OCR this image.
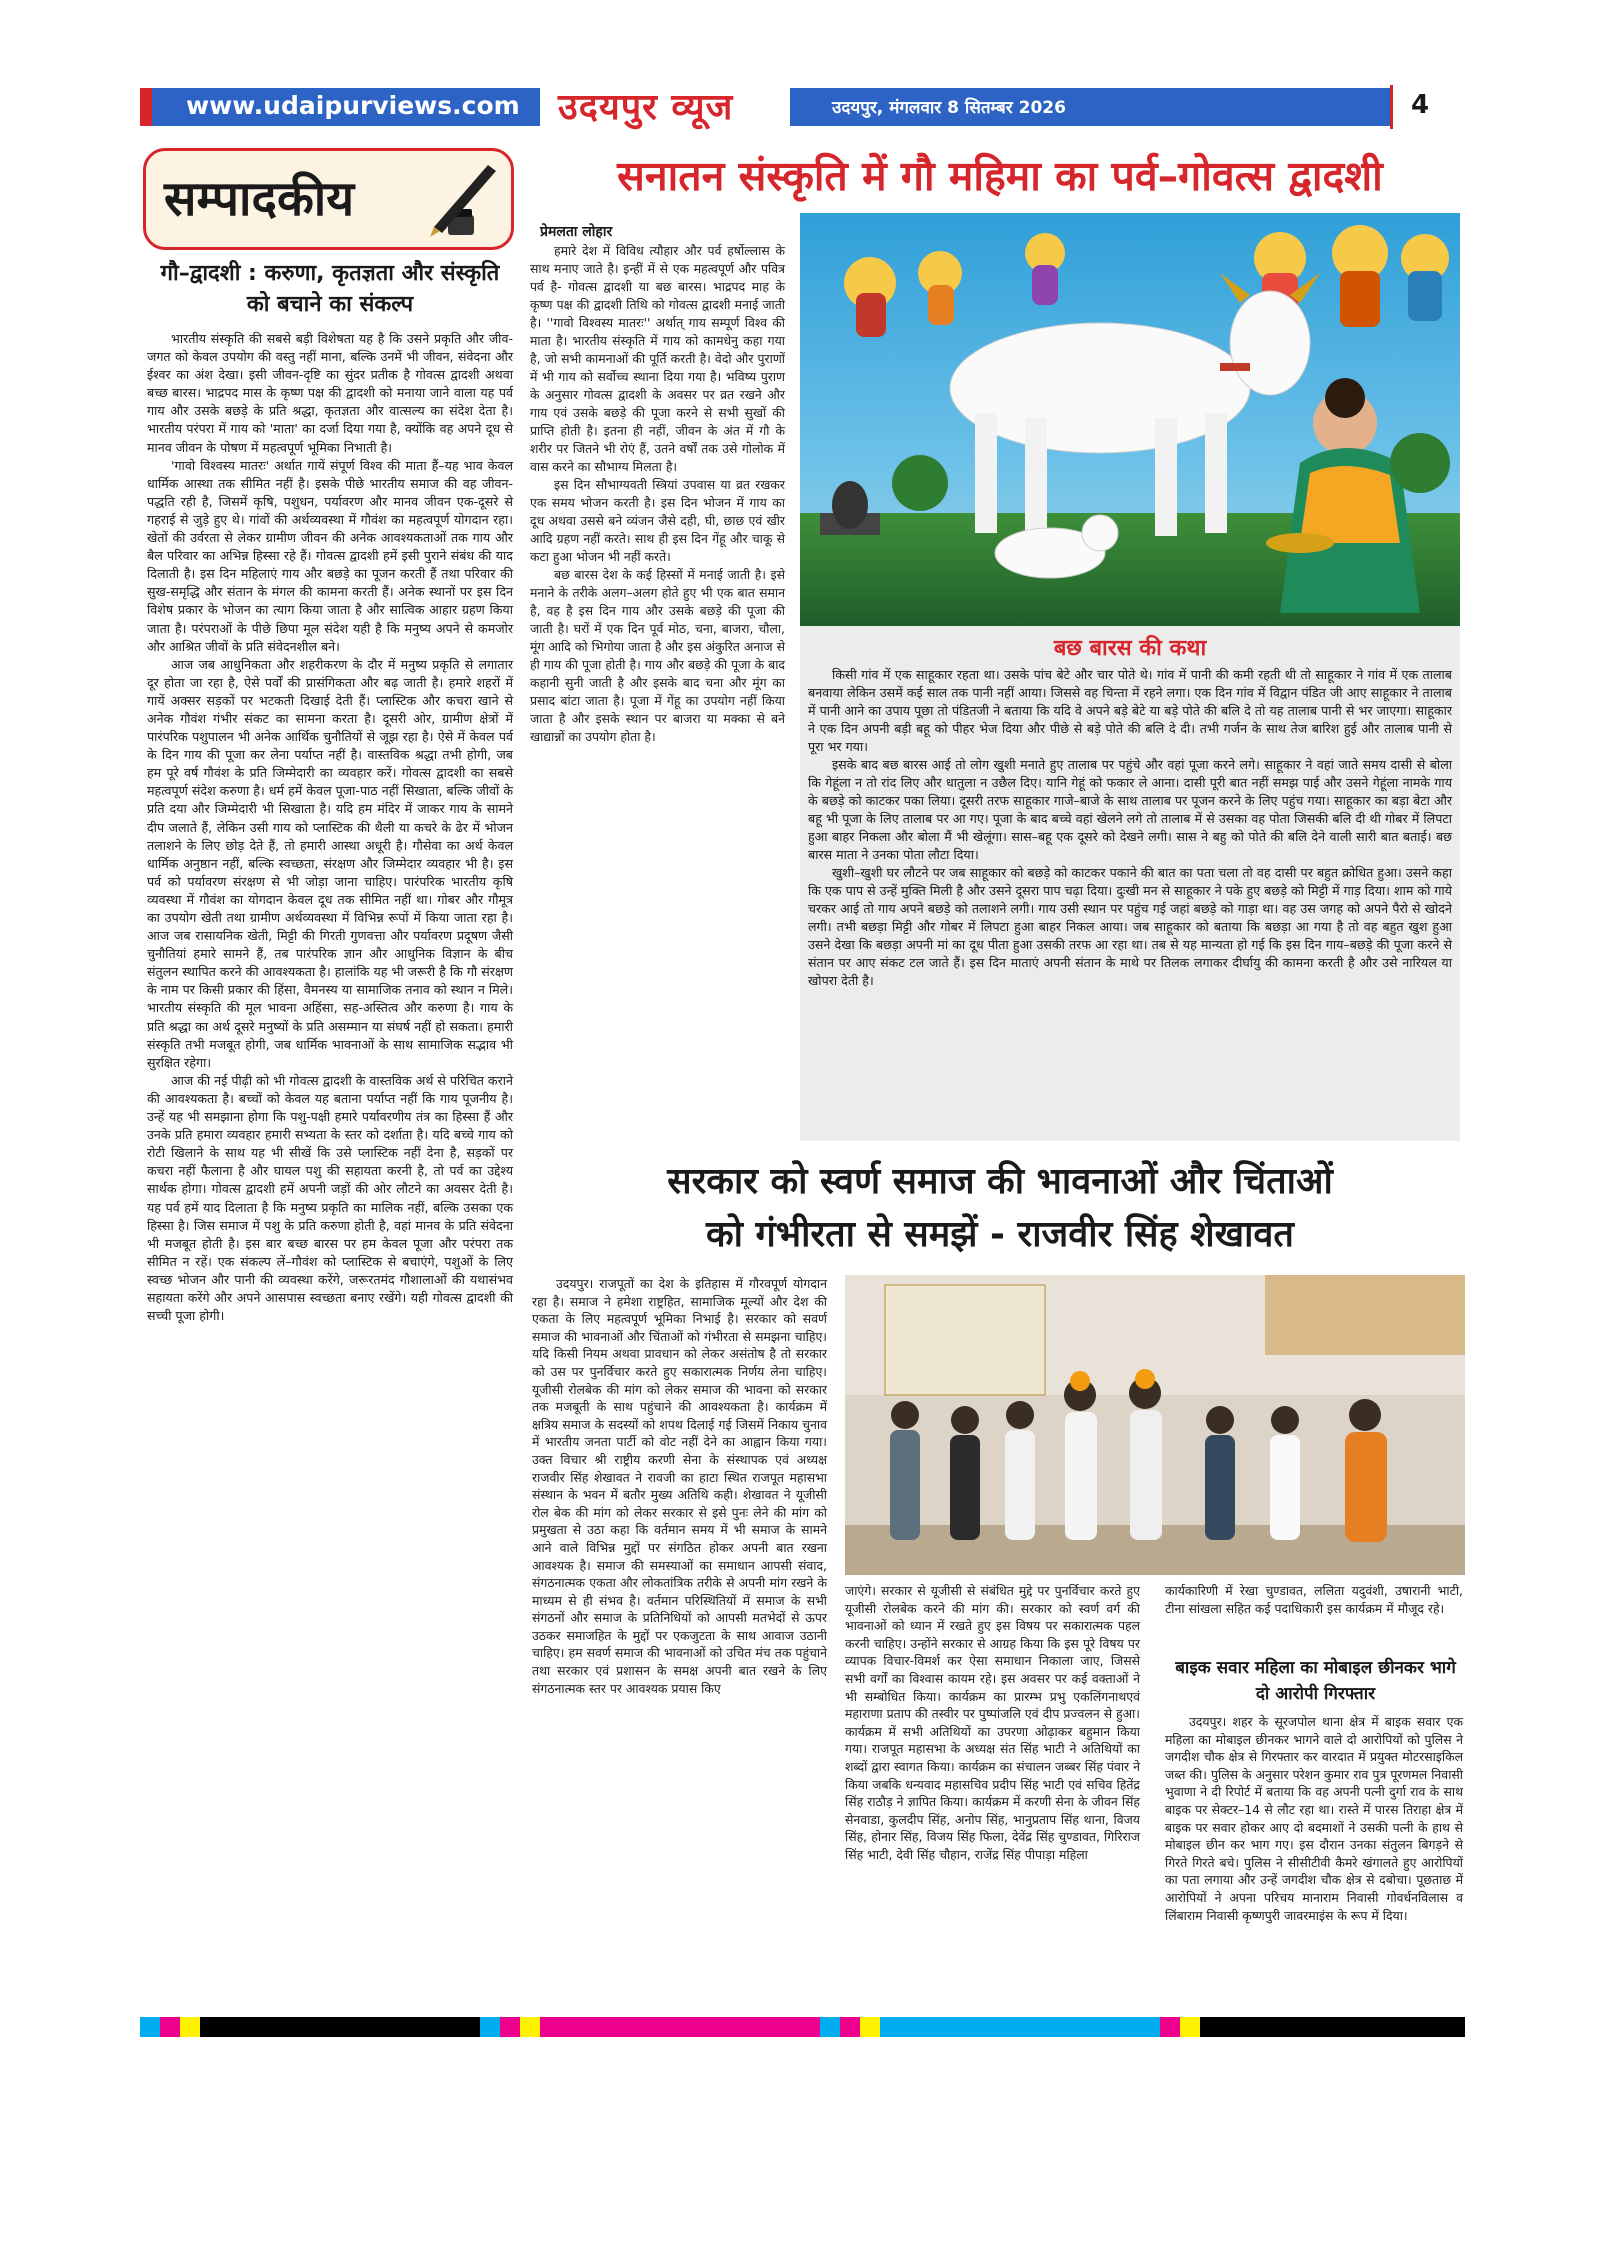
www.udaipurviews.com उदयपुर व्यूज	उदयपुर, मंगलवार 8 सितम्बर 2026	4
सम्पादकीय
गौ–द्वादशी : करुणा, कृतज्ञता और संस्कृति को बचाने का संकल्प

भारतीय संस्कृति की सबसे बड़ी विशेषता यह है कि उसने प्रकृति और जीव-जगत को केवल उपयोग की वस्तु नहीं माना, बल्कि उनमें भी जीवन, संवेदना और ईश्वर का अंश देखा। इसी जीवन-दृष्टि का सुंदर प्रतीक है गोवत्स द्वादशी अथवा बच्छ बारस। भाद्रपद मास के कृष्ण पक्ष की द्वादशी को मनाया जाने वाला यह पर्व गाय और उसके बछड़े के प्रति श्रद्धा, कृतज्ञता और वात्सल्य का संदेश देता है। भारतीय परंपरा में गाय को 'माता' का दर्जा दिया गया है, क्योंकि वह अपने दूध से मानव जीवन के पोषण में महत्वपूर्ण भूमिका निभाती है।

'गावो विश्वस्य मातरः' अर्थात गायें संपूर्ण विश्व की माता हैं–यह भाव केवल धार्मिक आस्था तक सीमित नहीं है। इसके पीछे भारतीय समाज की वह जीवन-पद्धति रही है, जिसमें कृषि, पशुधन, पर्यावरण और मानव जीवन एक-दूसरे से गहराई से जुड़े हुए थे। गांवों की अर्थव्यवस्था में गौवंश का महत्वपूर्ण योगदान रहा। खेतों की उर्वरता से लेकर ग्रामीण जीवन की अनेक आवश्यकताओं तक गाय और बैल परिवार का अभिन्न हिस्सा रहे हैं। गोवत्स द्वादशी हमें इसी पुराने संबंध की याद दिलाती है। इस दिन महिलाएं गाय और बछड़े का पूजन करती हैं तथा परिवार की सुख-समृद्धि और संतान के मंगल की कामना करती हैं। अनेक स्थानों पर इस दिन विशेष प्रकार के भोजन का त्याग किया जाता है और सात्विक आहार ग्रहण किया जाता है। परंपराओं के पीछे छिपा मूल संदेश यही है कि मनुष्य अपने से कमजोर और आश्रित जीवों के प्रति संवेदनशील बने।

आज जब आधुनिकता और शहरीकरण के दौर में मनुष्य प्रकृति से लगातार दूर होता जा रहा है, ऐसे पर्वों की प्रासंगिकता और बढ़ जाती है। हमारे शहरों में गायें अक्सर सड़कों पर भटकती दिखाई देती हैं। प्लास्टिक और कचरा खाने से अनेक गौवंश गंभीर संकट का सामना करता है। दूसरी ओर, ग्रामीण क्षेत्रों में पारंपरिक पशुपालन भी अनेक आर्थिक चुनौतियों से जूझ रहा है। ऐसे में केवल पर्व के दिन गाय की पूजा कर लेना पर्याप्त नहीं है। वास्तविक श्रद्धा तभी होगी, जब हम पूरे वर्ष गौवंश के प्रति जिम्मेदारी का व्यवहार करें। गोवत्स द्वादशी का सबसे महत्वपूर्ण संदेश करुणा है। धर्म हमें केवल पूजा-पाठ नहीं सिखाता, बल्कि जीवों के प्रति दया और जिम्मेदारी भी सिखाता है। यदि हम मंदिर में जाकर गाय के सामने दीप जलाते हैं, लेकिन उसी गाय को प्लास्टिक की थैली या कचरे के ढेर में भोजन तलाशने के लिए छोड़ देते हैं, तो हमारी आस्था अधूरी है। गौसेवा का अर्थ केवल धार्मिक अनुष्ठान नहीं, बल्कि स्वच्छता, संरक्षण और जिम्मेदार व्यवहार भी है। इस पर्व को पर्यावरण संरक्षण से भी जोड़ा जाना चाहिए। पारंपरिक भारतीय कृषि व्यवस्था में गौवंश का योगदान केवल दूध तक सीमित नहीं था। गोबर और गौमूत्र का उपयोग खेती तथा ग्रामीण अर्थव्यवस्था में विभिन्न रूपों में किया जाता रहा है। आज जब रासायनिक खेती, मिट्टी की गिरती गुणवत्ता और पर्यावरण प्रदूषण जैसी चुनौतियां हमारे सामने हैं, तब पारंपरिक ज्ञान और आधुनिक विज्ञान के बीच संतुलन स्थापित करने की आवश्यकता है। हालांकि यह भी जरूरी है कि गौ संरक्षण के नाम पर किसी प्रकार की हिंसा, वैमनस्य या सामाजिक तनाव को स्थान न मिले। भारतीय संस्कृति की मूल भावना अहिंसा, सह-अस्तित्व और करुणा है। गाय के प्रति श्रद्धा का अर्थ दूसरे मनुष्यों के प्रति असम्मान या संघर्ष नहीं हो सकता। हमारी संस्कृति तभी मजबूत होगी, जब धार्मिक भावनाओं के साथ सामाजिक सद्भाव भी सुरक्षित रहेगा।

आज की नई पीढ़ी को भी गोवत्स द्वादशी के वास्तविक अर्थ से परिचित कराने की आवश्यकता है। बच्चों को केवल यह बताना पर्याप्त नहीं कि गाय पूजनीय है। उन्हें यह भी समझाना होगा कि पशु-पक्षी हमारे पर्यावरणीय तंत्र का हिस्सा हैं और उनके प्रति हमारा व्यवहार हमारी सभ्यता के स्तर को दर्शाता है। यदि बच्चे गाय को रोटी खिलाने के साथ यह भी सीखें कि उसे प्लास्टिक नहीं देना है, सड़कों पर कचरा नहीं फैलाना है और घायल पशु की सहायता करनी है, तो पर्व का उद्देश्य सार्थक होगा। गोवत्स द्वादशी हमें अपनी जड़ों की ओर लौटने का अवसर देती है। यह पर्व हमें याद दिलाता है कि मनुष्य प्रकृति का मालिक नहीं, बल्कि उसका एक हिस्सा है। जिस समाज में पशु के प्रति करुणा होती है, वहां मानव के प्रति संवेदना भी मजबूत होती है। इस बार बच्छ बारस पर हम केवल पूजा और परंपरा तक सीमित न रहें। एक संकल्प लें–गौवंश को प्लास्टिक से बचाएंगे, पशुओं के लिए स्वच्छ भोजन और पानी की व्यवस्था करेंगे, जरूरतमंद गौशालाओं की यथासंभव सहायता करेंगे और अपने आसपास स्वच्छता बनाए रखेंगे। यही गोवत्स द्वादशी की सच्ची पूजा होगी।

सनातन संस्कृति में गौ महिमा का पर्व–गोवत्स द्वादशी
प्रेमलता लोहार

हमारे देश में विविध त्यौहार और पर्व हर्षोल्लास के साथ मनाए जाते है। इन्हीं में से एक महत्वपूर्ण और पवित्र पर्व है- गोवत्स द्वादशी या बछ बारस। भाद्रपद माह के कृष्ण पक्ष की द्वादशी तिथि को गोवत्स द्वादशी मनाई जाती है। ''गावो विश्वस्य मातरः'' अर्थात् गाय सम्पूर्ण विश्व की माता है। भारतीय संस्कृति में गाय को कामधेनु कहा गया है, जो सभी कामनाओं की पूर्ति करती है। वेदो और पुराणों में भी गाय को सर्वोच्च स्थाना दिया गया है। भविष्य पुराण के अनुसार गोवत्स द्वादशी के अवसर पर व्रत रखने और गाय एवं उसके बछड़े की पूजा करने से सभी सुखों की प्राप्ति होती है। इतना ही नहीं, जीवन के अंत में गौ के शरीर पर जितने भी रोएं हैं, उतने वर्षों तक उसे गोलोक में वास करने का सौभाग्य मिलता है।

इस दिन सौभाग्यवती स्त्रियां उपवास या व्रत रखकर एक समय भोजन करती है। इस दिन भोजन में गाय का दूध अथवा उससे बने व्यंजन जैसे दही, घी, छाछ एवं खीर आदि ग्रहण नहीं करते। साथ ही इस दिन गेंहू और चाकू से कटा हुआ भोजन भी नहीं करते।

बछ बारस देश के कई हिस्सों में मनाई जाती है। इसे मनाने के तरीके अलग–अलग होते हुए भी एक बात समान है, वह है इस दिन गाय और उसके बछड़े की पूजा की जाती है। घरों में एक दिन पूर्व मोठ, चना, बाजरा, चौला, मूंग आदि को भिगोया जाता है और इस अंकुरित अनाज से ही गाय की पूजा होती है। गाय और बछड़े की पूजा के बाद कहानी सुनी जाती है और इसके बाद चना और मूंग का प्रसाद बांटा जाता है। पूजा में गेंहू का उपयोग नहीं किया जाता है और इसके स्थान पर बाजरा या मक्का से बने खाद्यान्नों का उपयोग होता है।

बछ बारस की कथा

किसी गांव में एक साहूकार रहता था। उसके पांच बेटे और चार पोते थे। गांव में पानी की कमी रहती थी तो साहूकार ने गांव में एक तालाब बनवाया लेकिन उसमें कई साल तक पानी नहीं आया। जिससे वह चिन्ता में रहने लगा। एक दिन गांव में विद्वान पंडित जी आए साहूकार ने तालाब में पानी आने का उपाय पूछा तो पंडितजी ने बताया कि यदि वे अपने बड़े बेटे या बड़े पोते की बलि दे तो यह तालाब पानी से भर जाएगा। साहूकार ने एक दिन अपनी बड़ी बहू को पीहर भेज दिया और पीछे से बड़े पोते की बलि दे दी। तभी गर्जन के साथ तेज बारिश हुई और तालाब पानी से पूरा भर गया।

इसके बाद बछ बारस आई तो लोग खुशी मनाते हुए तालाब पर पहुंचे और वहां पूजा करने लगे। साहूकार ने वहां जाते समय दासी से बोला कि गेहूंला न तो रांद लिए और धातुला न उछैल दिए। यानि गेहूं को फकार ले आना। दासी पूरी बात नहीं समझ पाई और उसने गेहूंला नामके गाय के बछड़े को काटकर पका लिया। दूसरी तरफ साहूकार गाजे–बाजे के साथ तालाब पर पूजन करने के लिए पहुंच गया। साहूकार का बड़ा बेटा और बहू भी पूजा के लिए तालाब पर आ गए। पूजा के बाद बच्चे वहां खेलने लगे तो तालाब में से उसका वह पोता जिसकी बलि दी थी गोबर में लिपटा हुआ बाहर निकला और बोला मैं भी खेलूंगा। सास–बहू एक दूसरे को देखने लगी। सास ने बहु को पोते की बलि देने वाली सारी बात बताई। बछ बारस माता ने उनका पोता लौटा दिया।

खुशी–खुशी घर लौटने पर जब साहूकार को बछड़े को काटकर पकाने की बात का पता चला तो वह दासी पर बहुत क्रोधित हुआ। उसने कहा कि एक पाप से उन्हें मुक्ति मिली है और उसने दूसरा पाप चढ़ा दिया। दुःखी मन से साहूकार ने पके हुए बछड़े को मिट्टी में गाड़ दिया। शाम को गाये चरकर आई तो गाय अपने बछड़े को तलाशने लगी। गाय उसी स्थान पर पहुंच गई जहां बछड़े को गाड़ा था। वह उस जगह को अपने पैरो से खोदने लगी। तभी बछड़ा मिट्टी और गोबर में लिपटा हुआ बाहर निकल आया। जब साहूकार को बताया कि बछड़ा आ गया है तो वह बहुत खुश हुआ उसने देखा कि बछड़ा अपनी मां का दूध पीता हुआ उसकी तरफ आ रहा था। तब से यह मान्यता हो गई कि इस दिन गाय–बछड़े की पूजा करने से संतान पर आए संकट टल जाते हैं। इस दिन माताएं अपनी संतान के माथे पर तिलक लगाकर दीर्घायु की कामना करती है और उसे नारियल या खोपरा देती है।

सरकार को स्वर्ण समाज की भावनाओं और चिंताओं
को गंभीरता से समझें - राजवीर सिंह शेखावत

उदयपुर। राजपूतों का देश के इतिहास में गौरवपूर्ण योगदान रहा है। समाज ने हमेशा राष्ट्रहित, सामाजिक मूल्यों और देश की एकता के लिए महत्वपूर्ण भूमिका निभाई है। सरकार को सवर्ण समाज की भावनाओं और चिंताओं को गंभीरता से समझना चाहिए। यदि किसी नियम अथवा प्रावधान को लेकर असंतोष है तो सरकार को उस पर पुनर्विचार करते हुए सकारात्मक निर्णय लेना चाहिए। यूजीसी रोलबेक की मांग को लेकर समाज की भावना को सरकार तक मजबूती के साथ पहुंचाने की आवश्यकता है। कार्यक्रम में क्षत्रिय समाज के सदस्यों को शपथ दिलाई गई जिसमें निकाय चुनाव में भारतीय जनता पार्टी को वोट नहीं देने का आह्वान किया गया। उक्त विचार श्री राष्ट्रीय करणी सेना के संस्थापक एवं अध्यक्ष राजवीर सिंह शेखावत ने रावजी का हाटा स्थित राजपूत महासभा संस्थान के भवन में बतौर मुख्य अतिथि कही। शेखावत ने यूजीसी रोल बेक की मांग को लेकर सरकार से इसे पुनः लेने की मांग को प्रमुखता से उठा कहा कि वर्तमान समय में भी समाज के सामने आने वाले विभिन्न मुद्दों पर संगठित होकर अपनी बात रखना आवश्यक है। समाज की समस्याओं का समाधान आपसी संवाद, संगठनात्मक एकता और लोकतांत्रिक तरीके से अपनी मांग रखने के माध्यम से ही संभव है। वर्तमान परिस्थितियों में समाज के सभी संगठनों और समाज के प्रतिनिधियों को आपसी मतभेदों से ऊपर उठकर समाजहित के मुद्दों पर एकजुटता के साथ आवाज उठानी चाहिए। हम सवर्ण समाज की भावनाओं को उचित मंच तक पहुंचाने तथा सरकार एवं प्रशासन के समक्ष अपनी बात रखने के लिए संगठनात्मक स्तर पर आवश्यक प्रयास किए

जाएंगे। सरकार से यूजीसी से संबंधित मुद्दे पर पुनर्विचार करते हुए यूजीसी रोलबेक करने की मांग की। सरकार को स्वर्ण वर्ग की भावनाओं को ध्यान में रखते हुए इस विषय पर सकारात्मक पहल करनी चाहिए। उन्होंने सरकार से आग्रह किया कि इस पूरे विषय पर व्यापक विचार-विमर्श कर ऐसा समाधान निकाला जाए, जिससे सभी वर्गों का विश्वास कायम रहे। इस अवसर पर कई वक्ताओं ने भी सम्बोधित किया। कार्यक्रम का प्रारम्भ प्रभु एकलिंगनाथएवं महाराणा प्रताप की तस्वीर पर पुष्पांजलि एवं दीप प्रज्वलन से हुआ। कार्यक्रम में सभी अतिथियों का उपरणा ओढ़ाकर बहुमान किया गया। राजपूत महासभा के अध्यक्ष संत सिंह भाटी ने अतिथियों का शब्दों द्वारा स्वागत किया। कार्यक्रम का संचालन जब्बर सिंह पंवार ने किया जबकि धन्यवाद महासचिव प्रदीप सिंह भाटी एवं सचिव हितेंद्र सिंह राठौड़ ने ज्ञापित किया। कार्यक्रम में करणी सेना के जीवन सिंह सेनवाडा, कुलदीप सिंह, अनोप सिंह, भानुप्रताप सिंह थाना, विजय सिंह, होनार सिंह, विजय सिंह फिला, देवेंद्र सिंह चुण्डावत, गिरिराज सिंह भाटी, देवी सिंह चौहान, राजेंद्र सिंह पीपाड़ा महिला

कार्यकारिणी में रेखा चुण्डावत, ललिता यदुवंशी, उषारानी भाटी, टीना सांखला सहित कई पदाधिकारी इस कार्यक्रम में मौजूद रहे।

बाइक सवार महिला का मोबाइल छीनकर भागे दो आरोपी गिरफ्तार

उदयपुर। शहर के सूरजपोल थाना क्षेत्र में बाइक सवार एक महिला का मोबाइल छीनकर भागने वाले दो आरोपियों को पुलिस ने जगदीश चौक क्षेत्र से गिरफ्तार कर वारदात में प्रयुक्त मोटरसाइकिल जब्त की। पुलिस के अनुसार परेशन कुमार राव पुत्र पूरणमल निवासी भुवाणा ने दी रिपोर्ट में बताया कि वह अपनी पत्नी दुर्गा राव के साथ बाइक पर सेक्टर–14 से लौट रहा था। रास्ते में पारस तिराहा क्षेत्र में बाइक पर सवार होकर आए दो बदमाशों ने उसकी पत्नी के हाथ से मोबाइल छीन कर भाग गए। इस दौरान उनका संतुलन बिगड़ने से गिरते गिरते बचे। पुलिस ने सीसीटीवी कैमरे खंगालते हुए आरोपियों का पता लगाया और उन्हें जगदीश चौक क्षेत्र से दबोचा। पूछताछ में आरोपियों ने अपना परिचय मानाराम निवासी गोवर्धनविलास व लिंबाराम निवासी कृष्णपुरी जावरमाइंस के रूप में दिया।
